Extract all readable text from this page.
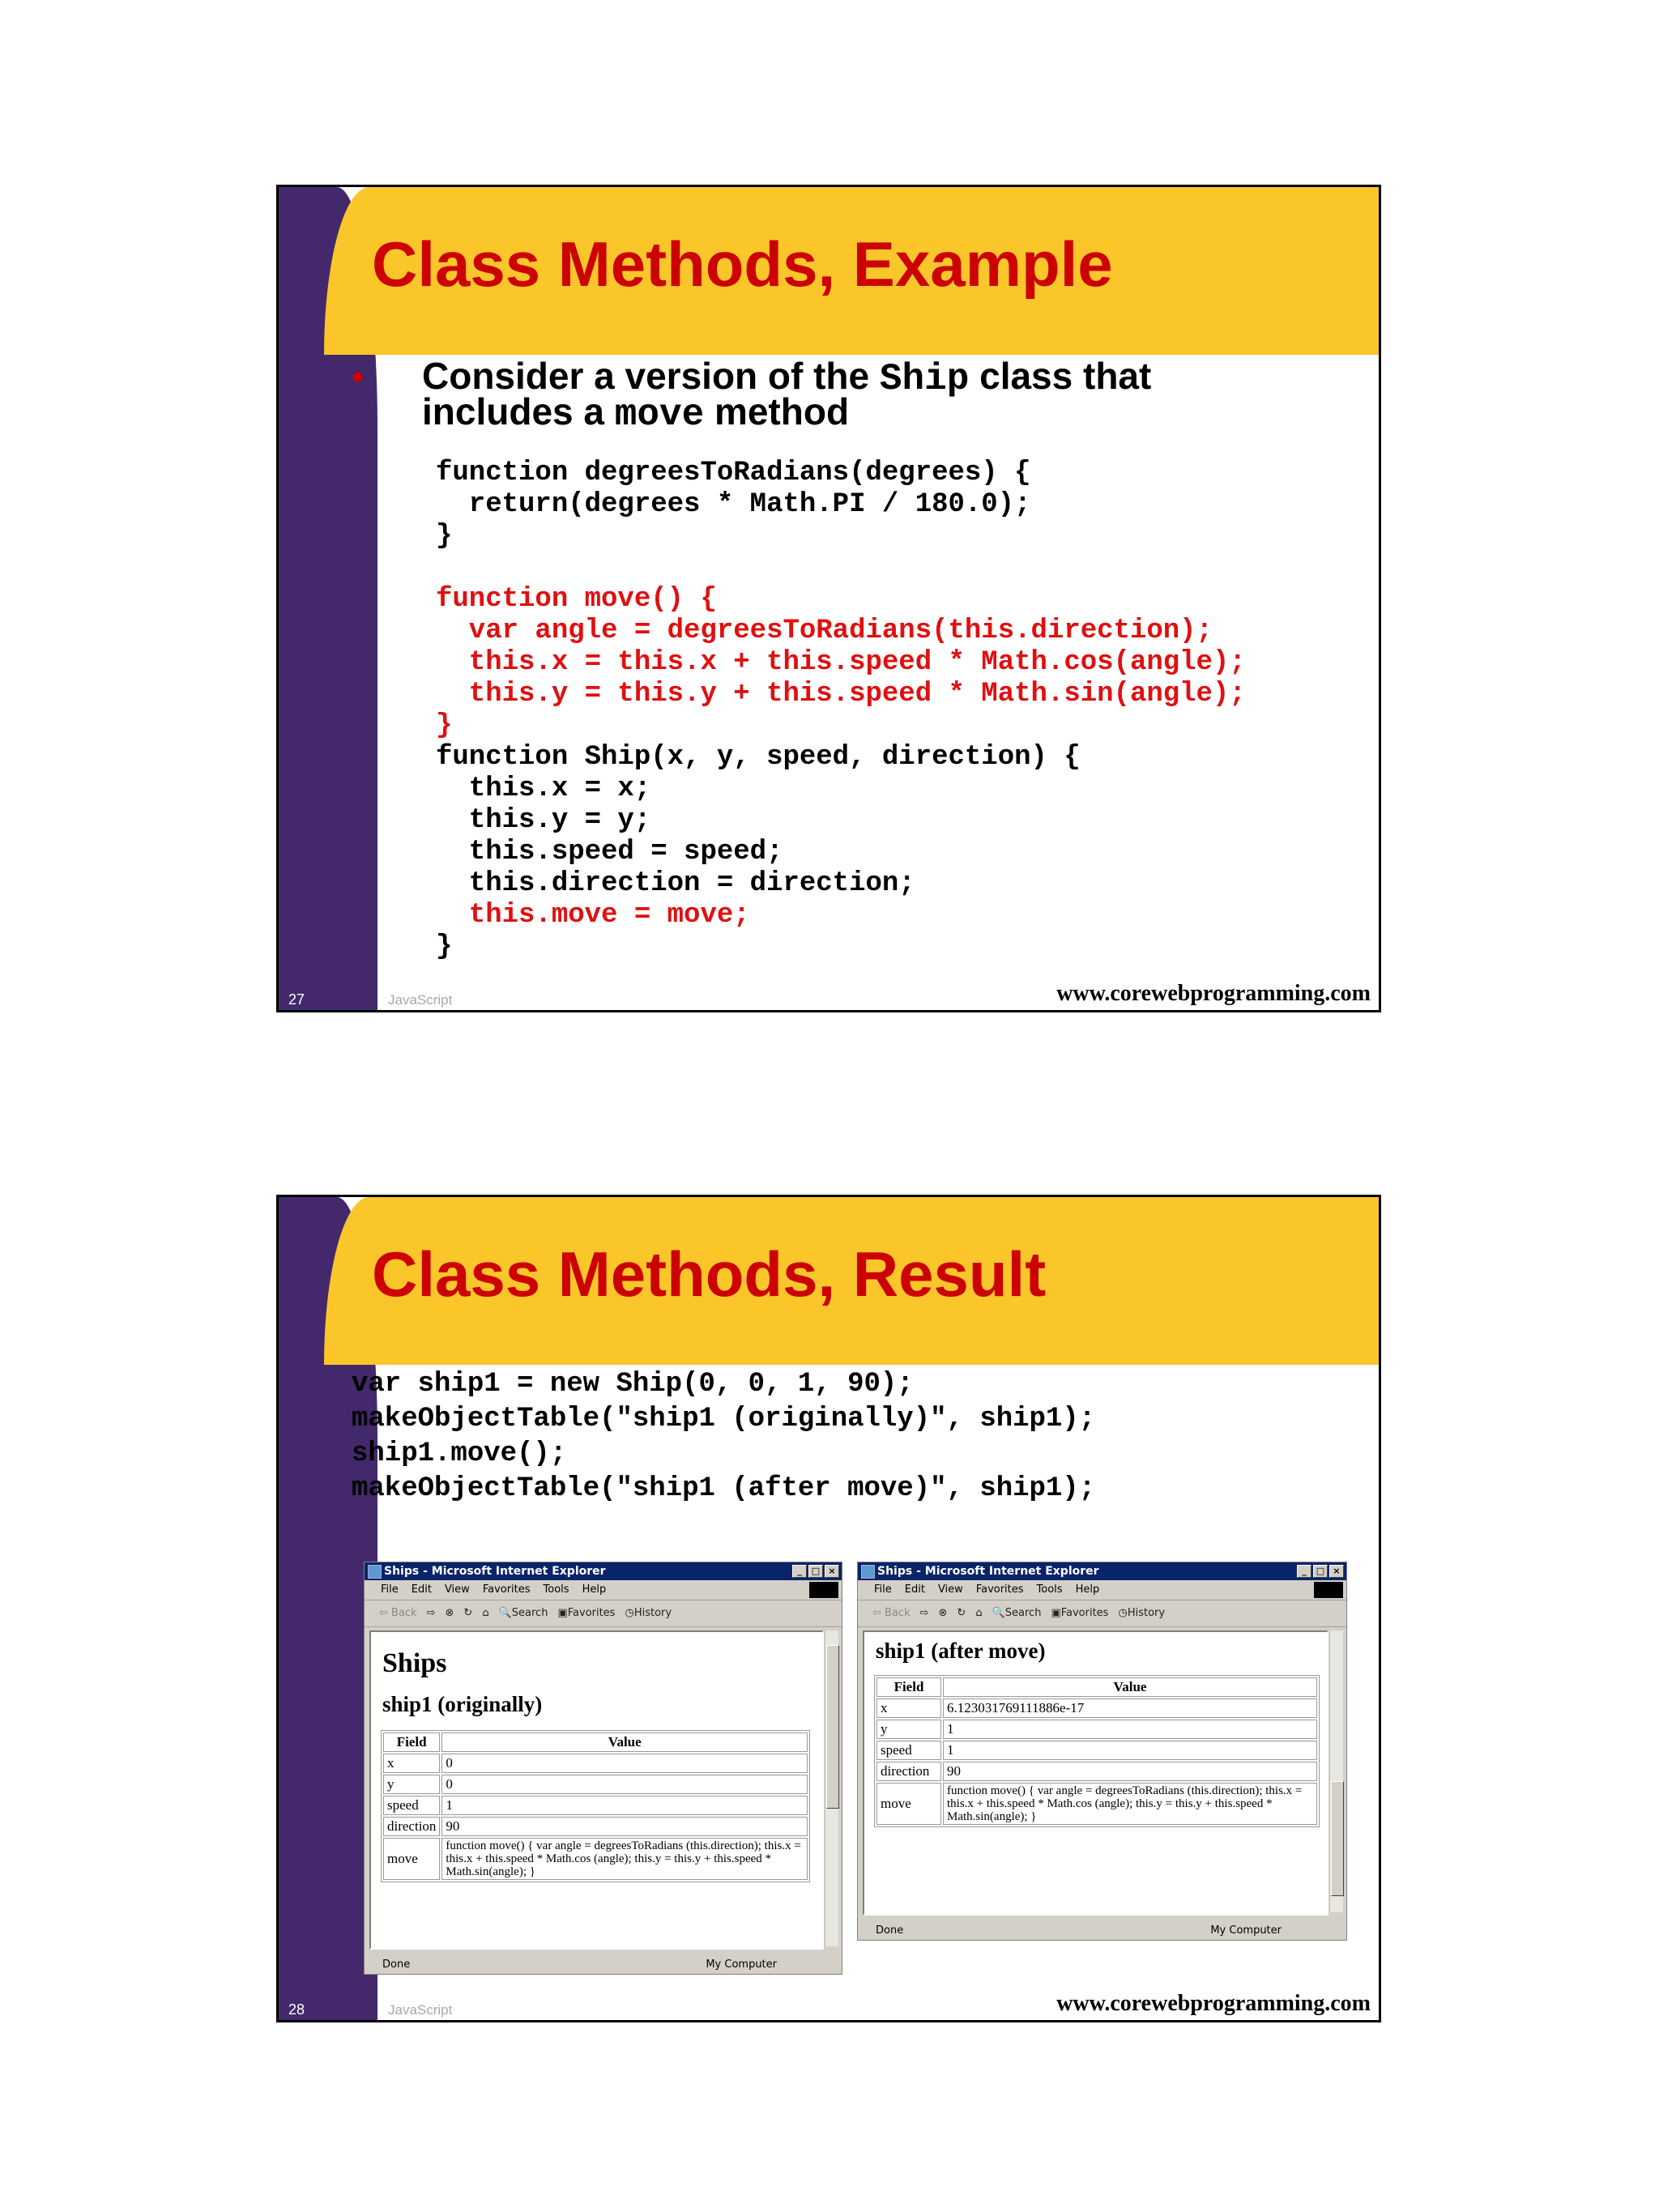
Class Methods, Example
• Consider a version of the Ship class that
includes a move method
function degreesToRadians(degrees) {
return(degrees * Math.PI / 180.0);
}
function move() {
var angle = degreesToRadians(this.direction);
this.x = this.x + this.speed * Math.cos(angle);
this.y = this.y + this.speed * Math.sin(angle);
}
function Ship(x, y, speed, direction) {
this.x = x;
this.y = y;
this.speed = speed;
this.direction = direction;
this.move = move;
}
27	JavaScript	www.corewebprogramming.com
Class Methods, Result
var ship1 = new Ship(0, 0, 1, 90);
makeObjectTable("ship1 (originally)", ship1);
ship1.move();
makeObjectTable("ship1 (after move)", ship1);
Ships - Microsoft Internet Explorer	_	□ ×
File Edit View Favorites Tools Help
⇦ Back ⇨ ⊗ ↻ ⌂ 🔍Search ▣Favorites ◷History
Ships
ship1 (originally)
Field	Value
x	0
y	0
speed	1
direction	90
move	function move() { var angle = degreesToRadians (this.direction); this.x = this.x + this.speed * Math.cos (angle); this.y = this.y + this.speed * Math.sin(angle); }
Done	My Computer
Ships - Microsoft Internet Explorer	_	□ ×
File Edit View Favorites Tools Help
⇦ Back ⇨ ⊗ ↻ ⌂ 🔍Search ▣Favorites ◷History
ship1 (after move)
Field	Value
x	6.123031769111886e-17
y	1
speed	1
direction	90
move	function move() { var angle = degreesToRadians (this.direction); this.x = this.x + this.speed * Math.cos (angle); this.y = this.y + this.speed * Math.sin(angle); }
Done	My Computer
28	JavaScript	www.corewebprogramming.com
